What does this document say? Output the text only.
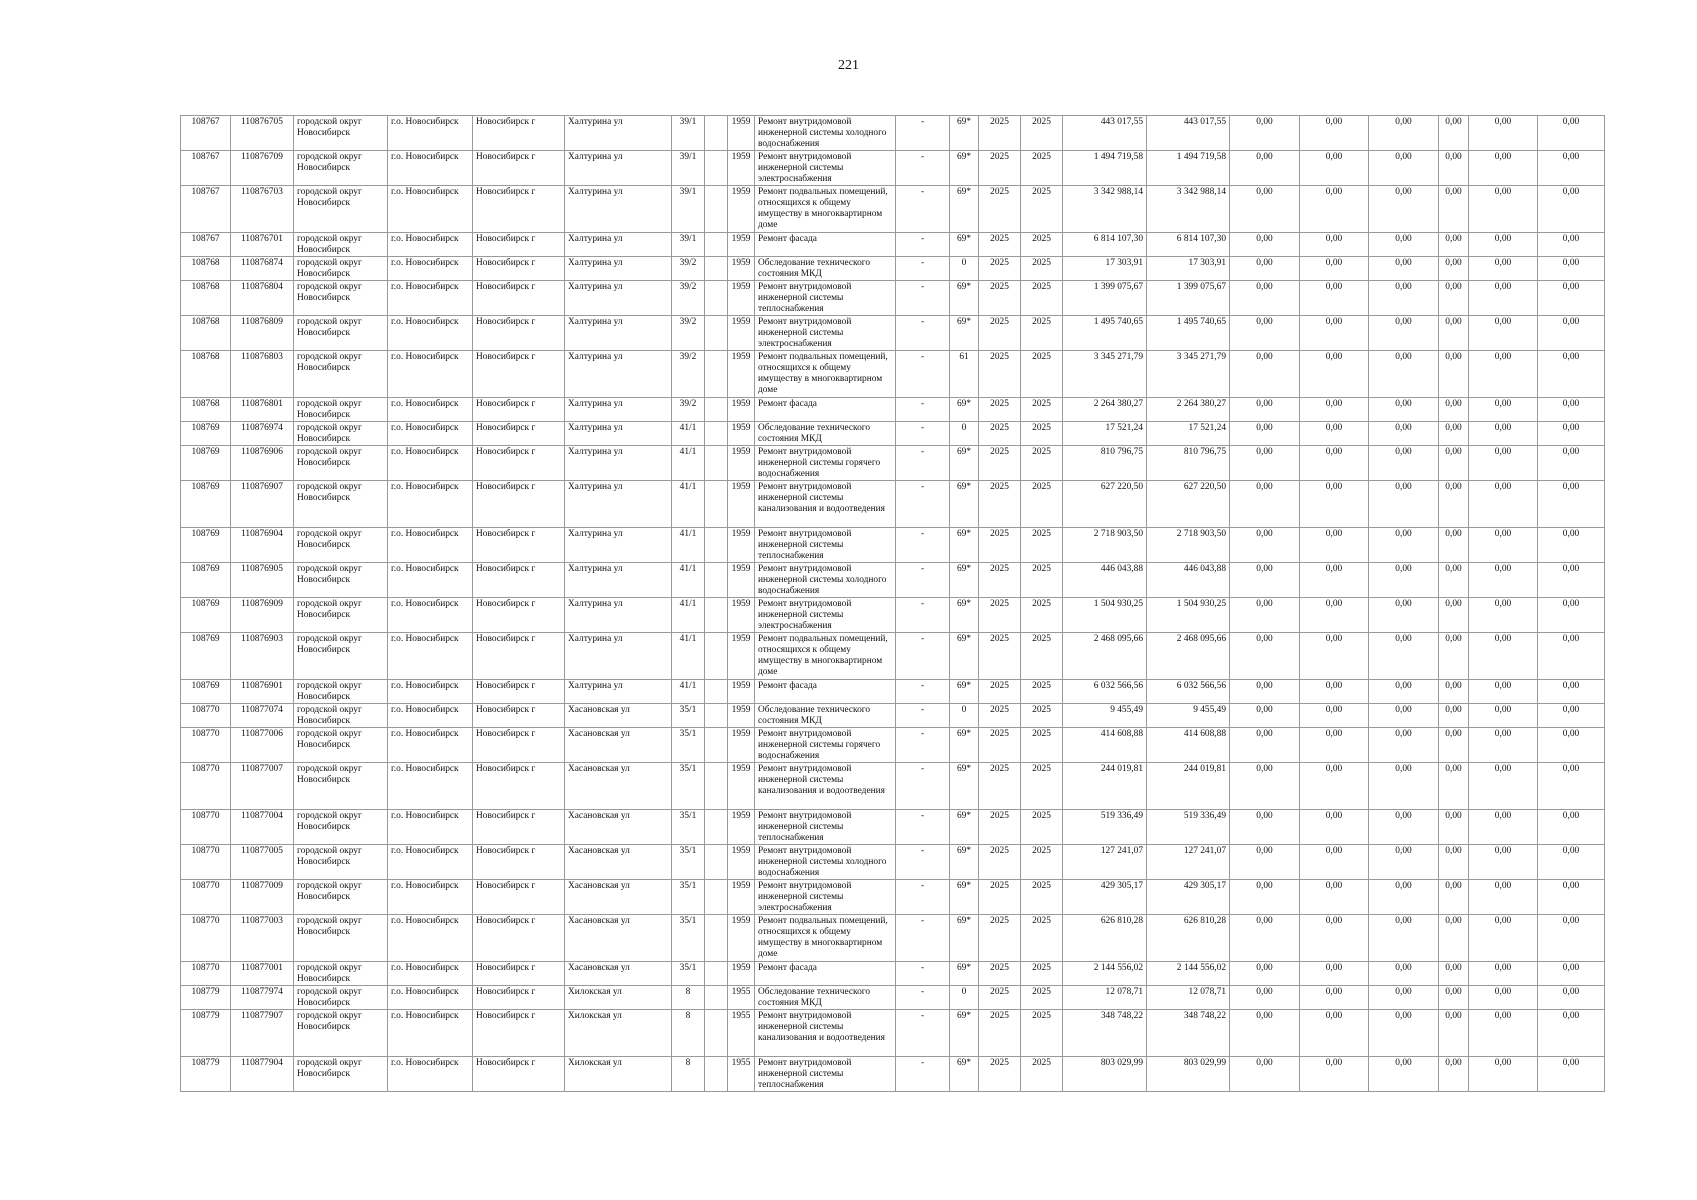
221
108767	110876705	городской округ Новосибирск	г.о. Новосибирск	Новосибирск г	Халтурина ул	39/1		1959	Ремонт внутридомовой инженерной системы холодного водоснабжения	-	69*	2025	2025	443 017,55	443 017,55	0,00	0,00	0,00	0,00	0,00	0,00
108767	110876709	городской округ Новосибирск	г.о. Новосибирск	Новосибирск г	Халтурина ул	39/1		1959	Ремонт внутридомовой инженерной системы электроснабжения	-	69*	2025	2025	1 494 719,58	1 494 719,58	0,00	0,00	0,00	0,00	0,00	0,00
108767	110876703	городской округ Новосибирск	г.о. Новосибирск	Новосибирск г	Халтурина ул	39/1		1959	Ремонт подвальных помещений, относящихся к общему имуществу в многоквартирном доме	-	69*	2025	2025	3 342 988,14	3 342 988,14	0,00	0,00	0,00	0,00	0,00	0,00
108767	110876701	городской округ Новосибирск	г.о. Новосибирск	Новосибирск г	Халтурина ул	39/1		1959	Ремонт фасада	-	69*	2025	2025	6 814 107,30	6 814 107,30	0,00	0,00	0,00	0,00	0,00	0,00
108768	110876874	городской округ Новосибирск	г.о. Новосибирск	Новосибирск г	Халтурина ул	39/2		1959	Обследование технического состояния МКД	-	0	2025	2025	17 303,91	17 303,91	0,00	0,00	0,00	0,00	0,00	0,00
108768	110876804	городской округ Новосибирск	г.о. Новосибирск	Новосибирск г	Халтурина ул	39/2		1959	Ремонт внутридомовой инженерной системы теплоснабжения	-	69*	2025	2025	1 399 075,67	1 399 075,67	0,00	0,00	0,00	0,00	0,00	0,00
108768	110876809	городской округ Новосибирск	г.о. Новосибирск	Новосибирск г	Халтурина ул	39/2		1959	Ремонт внутридомовой инженерной системы электроснабжения	-	69*	2025	2025	1 495 740,65	1 495 740,65	0,00	0,00	0,00	0,00	0,00	0,00
108768	110876803	городской округ Новосибирск	г.о. Новосибирск	Новосибирск г	Халтурина ул	39/2		1959	Ремонт подвальных помещений, относящихся к общему имуществу в многоквартирном доме	-	61	2025	2025	3 345 271,79	3 345 271,79	0,00	0,00	0,00	0,00	0,00	0,00
108768	110876801	городской округ Новосибирск	г.о. Новосибирск	Новосибирск г	Халтурина ул	39/2		1959	Ремонт фасада	-	69*	2025	2025	2 264 380,27	2 264 380,27	0,00	0,00	0,00	0,00	0,00	0,00
108769	110876974	городской округ Новосибирск	г.о. Новосибирск	Новосибирск г	Халтурина ул	41/1		1959	Обследование технического состояния МКД	-	0	2025	2025	17 521,24	17 521,24	0,00	0,00	0,00	0,00	0,00	0,00
108769	110876906	городской округ Новосибирск	г.о. Новосибирск	Новосибирск г	Халтурина ул	41/1		1959	Ремонт внутридомовой инженерной системы горячего водоснабжения	-	69*	2025	2025	810 796,75	810 796,75	0,00	0,00	0,00	0,00	0,00	0,00
108769	110876907	городской округ Новосибирск	г.о. Новосибирск	Новосибирск г	Халтурина ул	41/1		1959	Ремонт внутридомовой инженерной системы канализования и водоотведения	-	69*	2025	2025	627 220,50	627 220,50	0,00	0,00	0,00	0,00	0,00	0,00
108769	110876904	городской округ Новосибирск	г.о. Новосибирск	Новосибирск г	Халтурина ул	41/1		1959	Ремонт внутридомовой инженерной системы теплоснабжения	-	69*	2025	2025	2 718 903,50	2 718 903,50	0,00	0,00	0,00	0,00	0,00	0,00
108769	110876905	городской округ Новосибирск	г.о. Новосибирск	Новосибирск г	Халтурина ул	41/1		1959	Ремонт внутридомовой инженерной системы холодного водоснабжения	-	69*	2025	2025	446 043,88	446 043,88	0,00	0,00	0,00	0,00	0,00	0,00
108769	110876909	городской округ Новосибирск	г.о. Новосибирск	Новосибирск г	Халтурина ул	41/1		1959	Ремонт внутридомовой инженерной системы электроснабжения	-	69*	2025	2025	1 504 930,25	1 504 930,25	0,00	0,00	0,00	0,00	0,00	0,00
108769	110876903	городской округ Новосибирск	г.о. Новосибирск	Новосибирск г	Халтурина ул	41/1		1959	Ремонт подвальных помещений, относящихся к общему имуществу в многоквартирном доме	-	69*	2025	2025	2 468 095,66	2 468 095,66	0,00	0,00	0,00	0,00	0,00	0,00
108769	110876901	городской округ Новосибирск	г.о. Новосибирск	Новосибирск г	Халтурина ул	41/1		1959	Ремонт фасада	-	69*	2025	2025	6 032 566,56	6 032 566,56	0,00	0,00	0,00	0,00	0,00	0,00
108770	110877074	городской округ Новосибирск	г.о. Новосибирск	Новосибирск г	Хасановская ул	35/1		1959	Обследование технического состояния МКД	-	0	2025	2025	9 455,49	9 455,49	0,00	0,00	0,00	0,00	0,00	0,00
108770	110877006	городской округ Новосибирск	г.о. Новосибирск	Новосибирск г	Хасановская ул	35/1		1959	Ремонт внутридомовой инженерной системы горячего водоснабжения	-	69*	2025	2025	414 608,88	414 608,88	0,00	0,00	0,00	0,00	0,00	0,00
108770	110877007	городской округ Новосибирск	г.о. Новосибирск	Новосибирск г	Хасановская ул	35/1		1959	Ремонт внутридомовой инженерной системы канализования и водоотведения	-	69*	2025	2025	244 019,81	244 019,81	0,00	0,00	0,00	0,00	0,00	0,00
108770	110877004	городской округ Новосибирск	г.о. Новосибирск	Новосибирск г	Хасановская ул	35/1		1959	Ремонт внутридомовой инженерной системы теплоснабжения	-	69*	2025	2025	519 336,49	519 336,49	0,00	0,00	0,00	0,00	0,00	0,00
108770	110877005	городской округ Новосибирск	г.о. Новосибирск	Новосибирск г	Хасановская ул	35/1		1959	Ремонт внутридомовой инженерной системы холодного водоснабжения	-	69*	2025	2025	127 241,07	127 241,07	0,00	0,00	0,00	0,00	0,00	0,00
108770	110877009	городской округ Новосибирск	г.о. Новосибирск	Новосибирск г	Хасановская ул	35/1		1959	Ремонт внутридомовой инженерной системы электроснабжения	-	69*	2025	2025	429 305,17	429 305,17	0,00	0,00	0,00	0,00	0,00	0,00
108770	110877003	городской округ Новосибирск	г.о. Новосибирск	Новосибирск г	Хасановская ул	35/1		1959	Ремонт подвальных помещений, относящихся к общему имуществу в многоквартирном доме	-	69*	2025	2025	626 810,28	626 810,28	0,00	0,00	0,00	0,00	0,00	0,00
108770	110877001	городской округ Новосибирск	г.о. Новосибирск	Новосибирск г	Хасановская ул	35/1		1959	Ремонт фасада	-	69*	2025	2025	2 144 556,02	2 144 556,02	0,00	0,00	0,00	0,00	0,00	0,00
108779	110877974	городской округ Новосибирск	г.о. Новосибирск	Новосибирск г	Хилокская ул	8		1955	Обследование технического состояния МКД	-	0	2025	2025	12 078,71	12 078,71	0,00	0,00	0,00	0,00	0,00	0,00
108779	110877907	городской округ Новосибирск	г.о. Новосибирск	Новосибирск г	Хилокская ул	8		1955	Ремонт внутридомовой инженерной системы канализования и водоотведения	-	69*	2025	2025	348 748,22	348 748,22	0,00	0,00	0,00	0,00	0,00	0,00
108779	110877904	городской округ Новосибирск	г.о. Новосибирск	Новосибирск г	Хилокская ул	8		1955	Ремонт внутридомовой инженерной системы теплоснабжения	-	69*	2025	2025	803 029,99	803 029,99	0,00	0,00	0,00	0,00	0,00	0,00
